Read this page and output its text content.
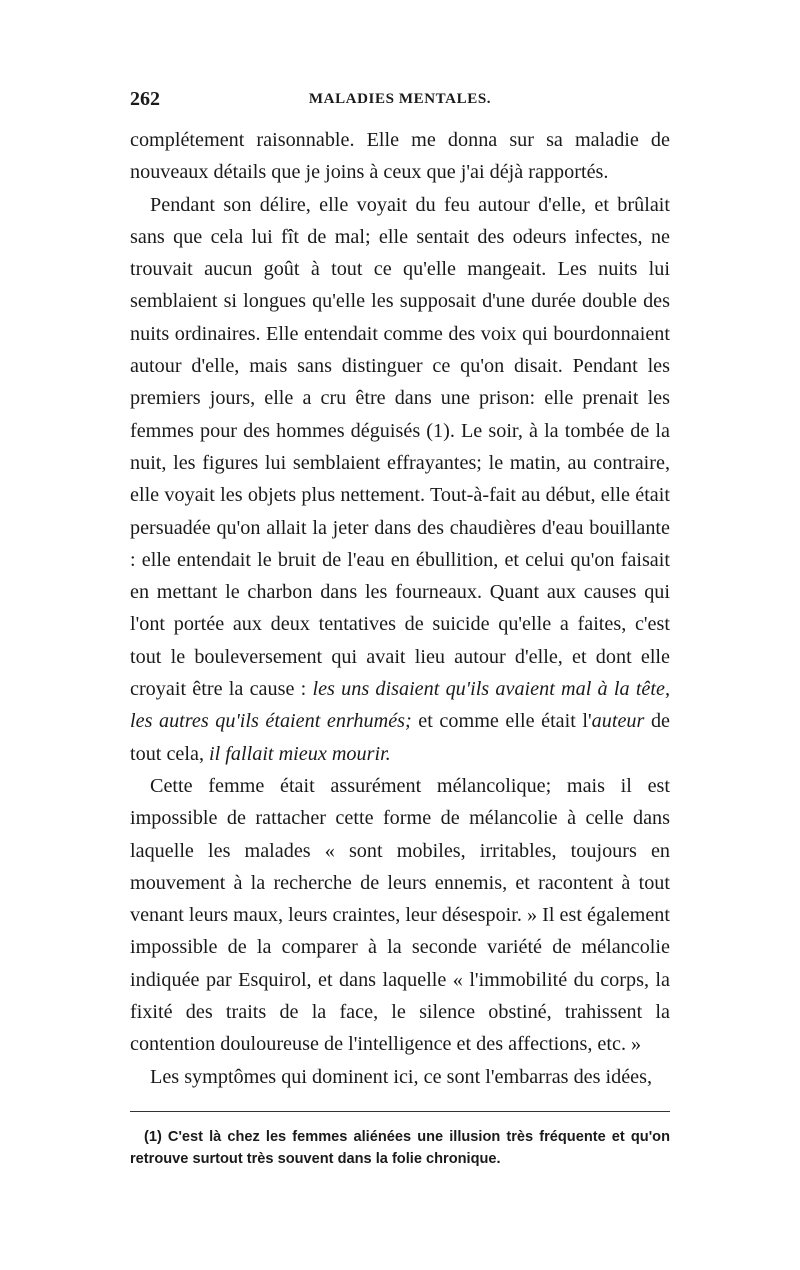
262	MALADIES MENTALES.

complétement raisonnable. Elle me donna sur sa maladie de nouveaux détails que je joins à ceux que j'ai déjà rapportés.

Pendant son délire, elle voyait du feu autour d'elle, et brûlait sans que cela lui fît de mal; elle sentait des odeurs infectes, ne trouvait aucun goût à tout ce qu'elle mangeait. Les nuits lui semblaient si longues qu'elle les supposait d'une durée double des nuits ordinaires. Elle entendait comme des voix qui bourdonnaient autour d'elle, mais sans distinguer ce qu'on disait. Pendant les premiers jours, elle a cru être dans une prison: elle prenait les femmes pour des hommes déguisés (1). Le soir, à la tombée de la nuit, les figures lui semblaient effrayantes; le matin, au contraire, elle voyait les objets plus nettement. Tout-à-fait au début, elle était persuadée qu'on allait la jeter dans des chaudières d'eau bouillante : elle entendait le bruit de l'eau en ébullition, et celui qu'on faisait en mettant le charbon dans les fourneaux. Quant aux causes qui l'ont portée aux deux tentatives de suicide qu'elle a faites, c'est tout le bouleversement qui avait lieu autour d'elle, et dont elle croyait être la cause : les uns disaient qu'ils avaient mal à la tête, les autres qu'ils étaient enrhumés; et comme elle était l'auteur de tout cela, il fallait mieux mourir.

Cette femme était assurément mélancolique; mais il est impossible de rattacher cette forme de mélancolie à celle dans laquelle les malades « sont mobiles, irritables, toujours en mouvement à la recherche de leurs ennemis, et racontent à tout venant leurs maux, leurs craintes, leur désespoir. » Il est également impossible de la comparer à la seconde variété de mélancolie indiquée par Esquirol, et dans laquelle « l'immobilité du corps, la fixité des traits de la face, le silence obstiné, trahissent la contention douloureuse de l'intelligence et des affections, etc. »

Les symptômes qui dominent ici, ce sont l'embarras des idées,

(1) C'est là chez les femmes aliénées une illusion très fréquente et qu'on retrouve surtout très souvent dans la folie chronique.
